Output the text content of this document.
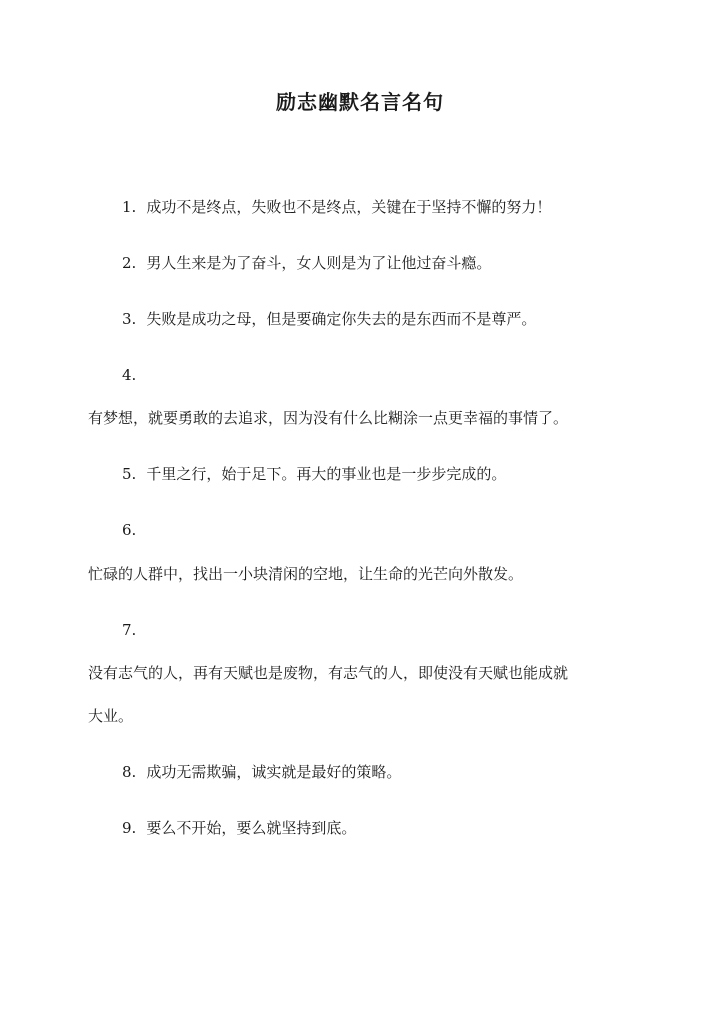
励志幽默名言名句
1. 成功不是终点，失败也不是终点，关键在于坚持不懈的努力！
2. 男人生来是为了奋斗，女人则是为了让他过奋斗瘾。
3. 失败是成功之母，但是要确定你失去的是东西而不是尊严。
4.
有梦想，就要勇敢的去追求，因为没有什么比糊涂一点更幸福的事情了。
5. 千里之行，始于足下。再大的事业也是一步步完成的。
6.
忙碌的人群中，找出一小块清闲的空地，让生命的光芒向外散发。
7.
没有志气的人，再有天赋也是废物，有志气的人，即使没有天赋也能成就
大业。
8. 成功无需欺骗，诚实就是最好的策略。
9. 要么不开始，要么就坚持到底。
